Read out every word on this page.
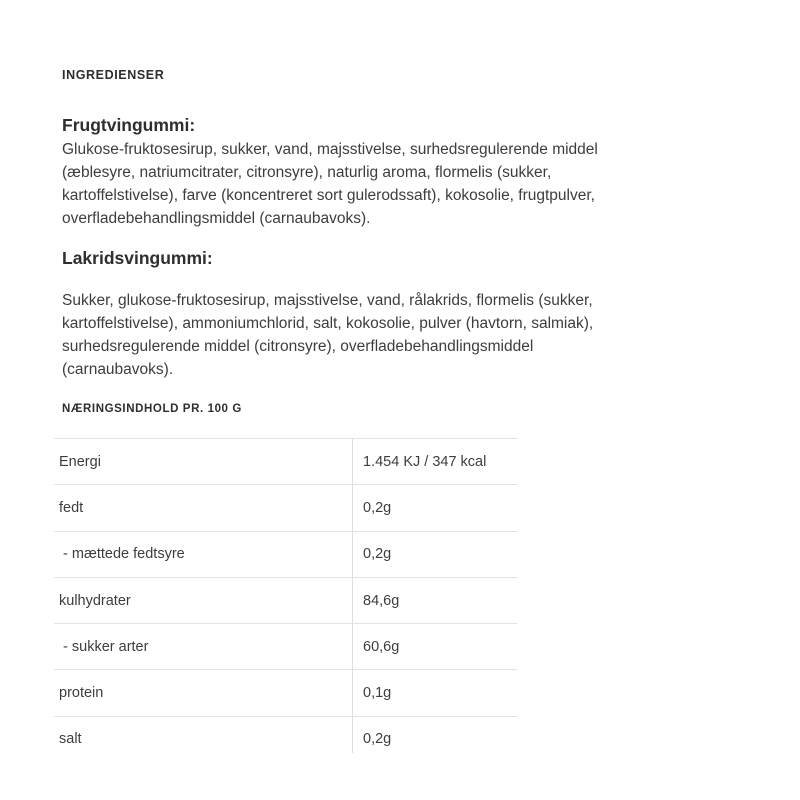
INGREDIENSER
Frugtvingummi:

Glukose-fruktosesirup, sukker, vand, majsstivelse, surhedsregulerende middel (æblesyre, natriumcitrater, citronsyre), naturlig aroma, flormelis (sukker, kartoffelstivelse), farve (koncentreret sort gulerodssaft), kokosolie, frugtpulver, overfladebehandlingsmiddel (carnaubavoks).

Lakridsvingummi:

Sukker, glukose-fruktosesirup, majsstivelse, vand, rålakrids, flormelis (sukker, kartoffelstivelse), ammoniumchlorid, salt, kokosolie, pulver (havtorn, salmiak), surhedsregulerende middel (citronsyre), overfladebehandlingsmiddel (carnaubavoks).

NÆRINGSINDHOLD PR. 100 G
Energi	1.454 KJ / 347 kcal
fedt	0,2g
- mættede fedtsyre	0,2g
kulhydrater	84,6g
- sukker arter	60,6g
protein	0,1g
salt	0,2g
